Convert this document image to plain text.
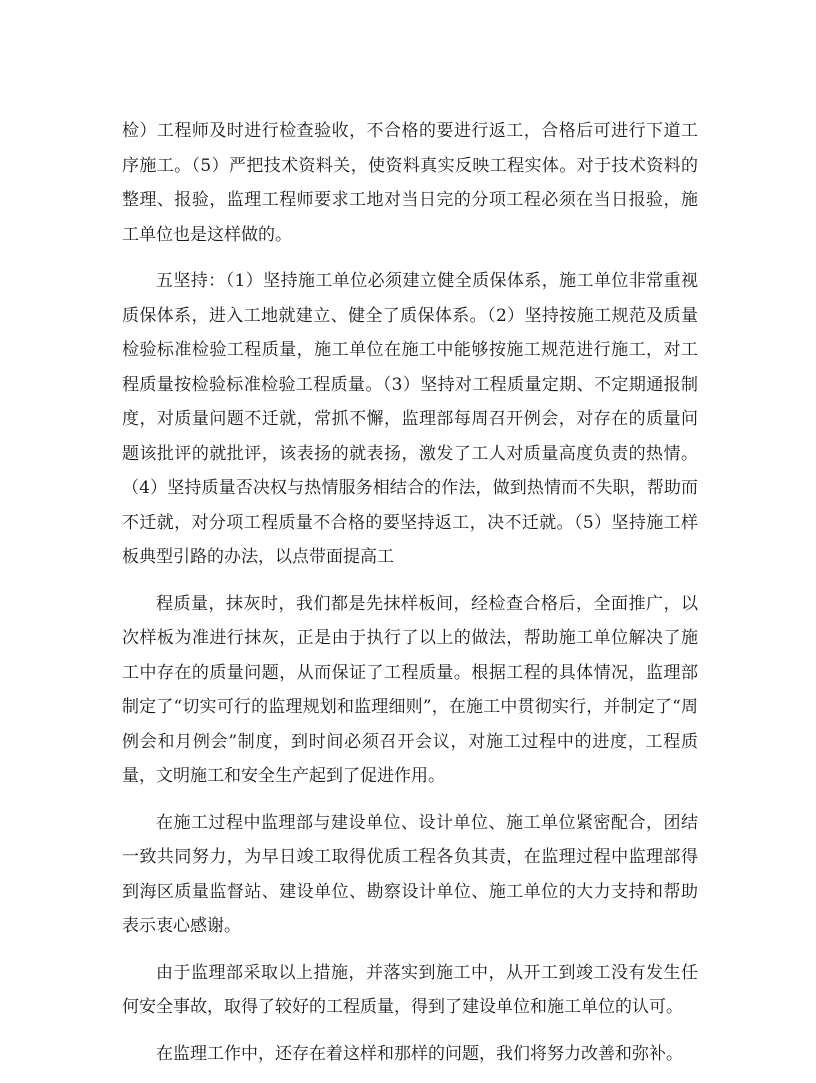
检）工程师及时进行检查验收，不合格的要进行返工，合格后可进行下道工序施工。（5）严把技术资料关，使资料真实反映工程实体。对于技术资料的整理、报验，监理工程师要求工地对当日完的分项工程必须在当日报验，施工单位也是这样做的。

五坚持：（1）坚持施工单位必须建立健全质保体系，施工单位非常重视质保体系，进入工地就建立、健全了质保体系。（2）坚持按施工规范及质量检验标准检验工程质量，施工单位在施工中能够按施工规范进行施工，对工程质量按检验标准检验工程质量。（3）坚持对工程质量定期、不定期通报制度，对质量问题不迁就，常抓不懈，监理部每周召开例会，对存在的质量问题该批评的就批评，该表扬的就表扬，激发了工人对质量高度负责的热情。（4）坚持质量否决权与热情服务相结合的作法，做到热情而不失职，帮助而不迁就，对分项工程质量不合格的要坚持返工，决不迁就。（5）坚持施工样板典型引路的办法，以点带面提高工

程质量，抹灰时，我们都是先抹样板间，经检查合格后，全面推广，以次样板为准进行抹灰，正是由于执行了以上的做法，帮助施工单位解决了施工中存在的质量问题，从而保证了工程质量。根据工程的具体情况，监理部制定了“切实可行的监理规划和监理细则”，在施工中贯彻实行，并制定了“周例会和月例会”制度，到时间必须召开会议，对施工过程中的进度，工程质量，文明施工和安全生产起到了促进作用。

在施工过程中监理部与建设单位、设计单位、施工单位紧密配合，团结一致共同努力，为早日竣工取得优质工程各负其责，在监理过程中监理部得到海区质量监督站、建设单位、勘察设计单位、施工单位的大力支持和帮助表示衷心感谢。

由于监理部采取以上措施，并落实到施工中，从开工到竣工没有发生任何安全事故，取得了较好的工程质量，得到了建设单位和施工单位的认可。

在监理工作中，还存在着这样和那样的问题，我们将努力改善和弥补。
